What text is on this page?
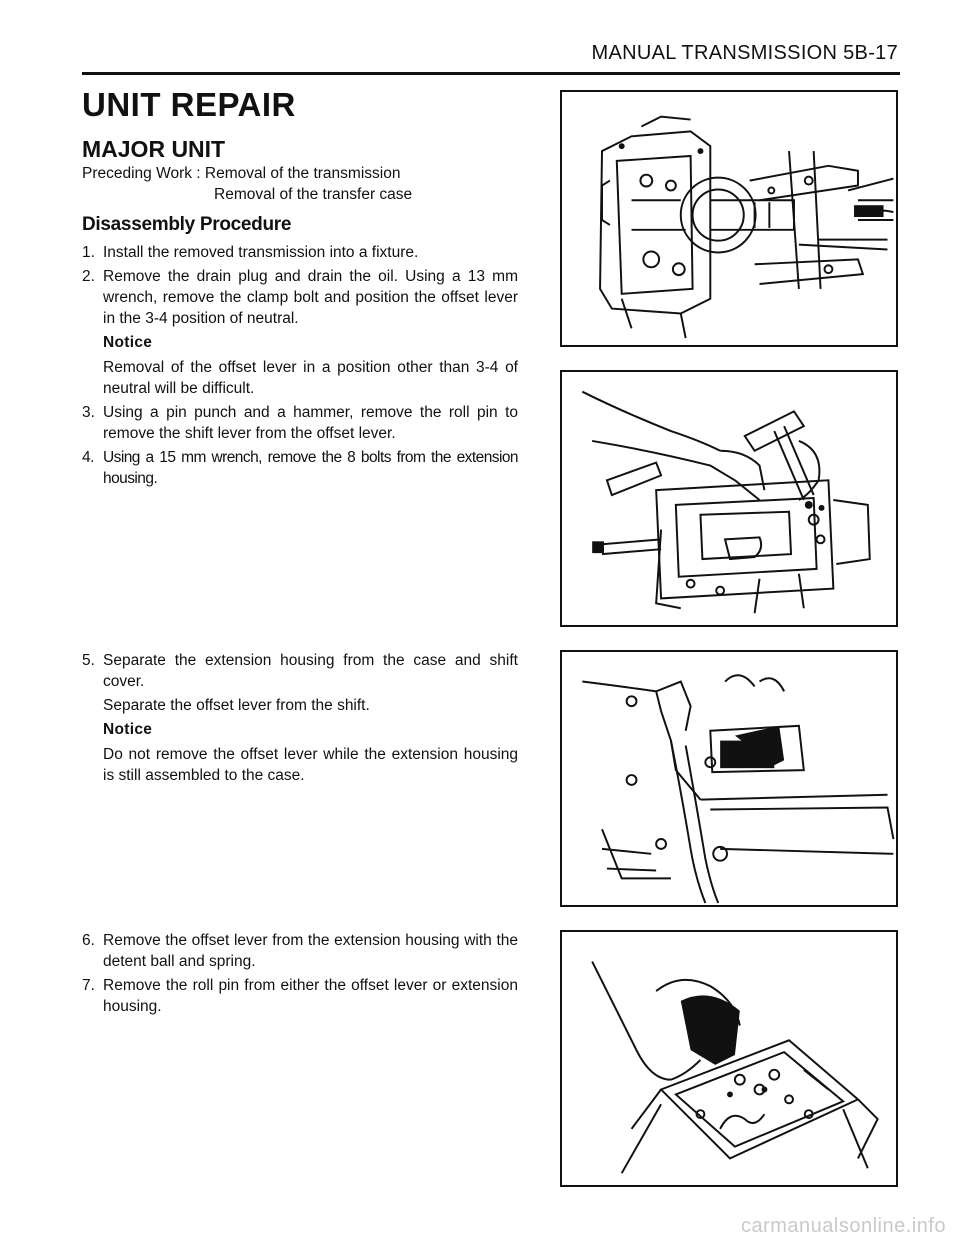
MANUAL TRANSMISSION 5B-17
UNIT REPAIR
MAJOR UNIT
Preceding Work : Removal of the transmission
Removal of the transfer case
Disassembly Procedure
1. Install the removed transmission into a fixture.
2. Remove the drain plug and drain the oil. Using a 13 mm wrench, remove the clamp bolt and position the offset lever in the 3-4 position of neutral.
Notice
Removal of the offset lever in a position other than 3-4 of neutral will be difficult.
3. Using a pin punch and a hammer, remove the roll pin to remove the shift lever from the offset lever.
4. Using a 15 mm wrench, remove the 8 bolts from the extension housing.
5. Separate the extension housing from the case and shift cover.
Separate the offset lever from the shift.
Notice
Do not remove the offset lever while the extension housing is still assembled to the case.
6. Remove the offset lever from the extension housing with the detent ball and spring.
7. Remove the roll pin from either the offset lever or extension housing.
carmanualsonline.info
